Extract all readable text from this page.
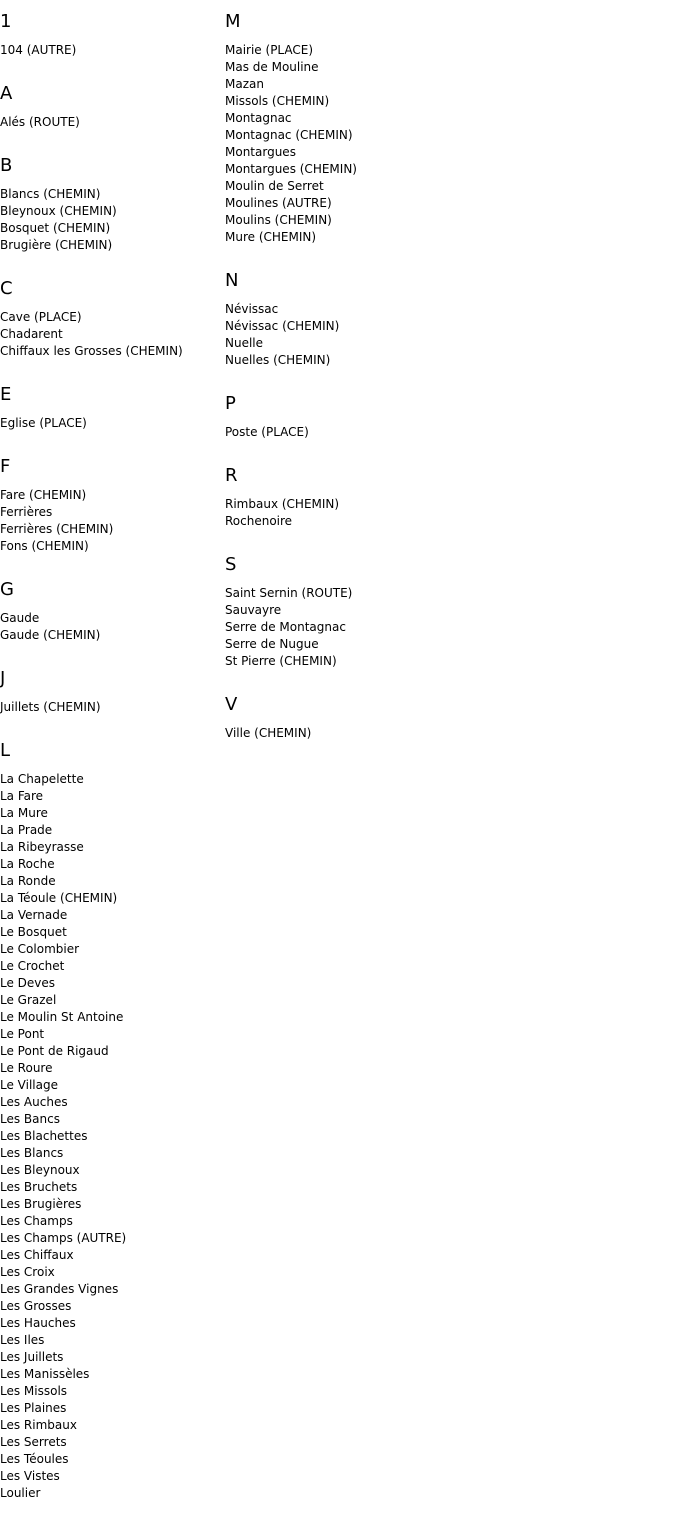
1
104 (AUTRE)
A
Alés (ROUTE)
B
Blancs (CHEMIN)
Bleynoux (CHEMIN)
Bosquet (CHEMIN)
Brugière (CHEMIN)
C
Cave (PLACE)
Chadarent
Chiffaux les Grosses (CHEMIN)
E
Eglise (PLACE)
F
Fare (CHEMIN)
Ferrières
Ferrières (CHEMIN)
Fons (CHEMIN)
G
Gaude
Gaude (CHEMIN)
J
Juillets (CHEMIN)
L
La Chapelette
La Fare
La Mure
La Prade
La Ribeyrasse
La Roche
La Ronde
La Téoule (CHEMIN)
La Vernade
Le Bosquet
Le Colombier
Le Crochet
Le Deves
Le Grazel
Le Moulin St Antoine
Le Pont
Le Pont de Rigaud
Le Roure
Le Village
Les Auches
Les Bancs
Les Blachettes
Les Blancs
Les Bleynoux
Les Bruchets
Les Brugières
Les Champs
Les Champs (AUTRE)
Les Chiffaux
Les Croix
Les Grandes Vignes
Les Grosses
Les Hauches
Les Iles
Les Juillets
Les Manissèles
Les Missols
Les Plaines
Les Rimbaux
Les Serrets
Les Téoules
Les Vistes
Loulier
M
Mairie (PLACE)
Mas de Mouline
Mazan
Missols (CHEMIN)
Montagnac
Montagnac (CHEMIN)
Montargues
Montargues (CHEMIN)
Moulin de Serret
Moulines (AUTRE)
Moulins (CHEMIN)
Mure (CHEMIN)
N
Névissac
Névissac (CHEMIN)
Nuelle
Nuelles (CHEMIN)
P
Poste (PLACE)
R
Rimbaux (CHEMIN)
Rochenoire
S
Saint Sernin (ROUTE)
Sauvayre
Serre de Montagnac
Serre de Nugue
St Pierre (CHEMIN)
V
Ville (CHEMIN)
